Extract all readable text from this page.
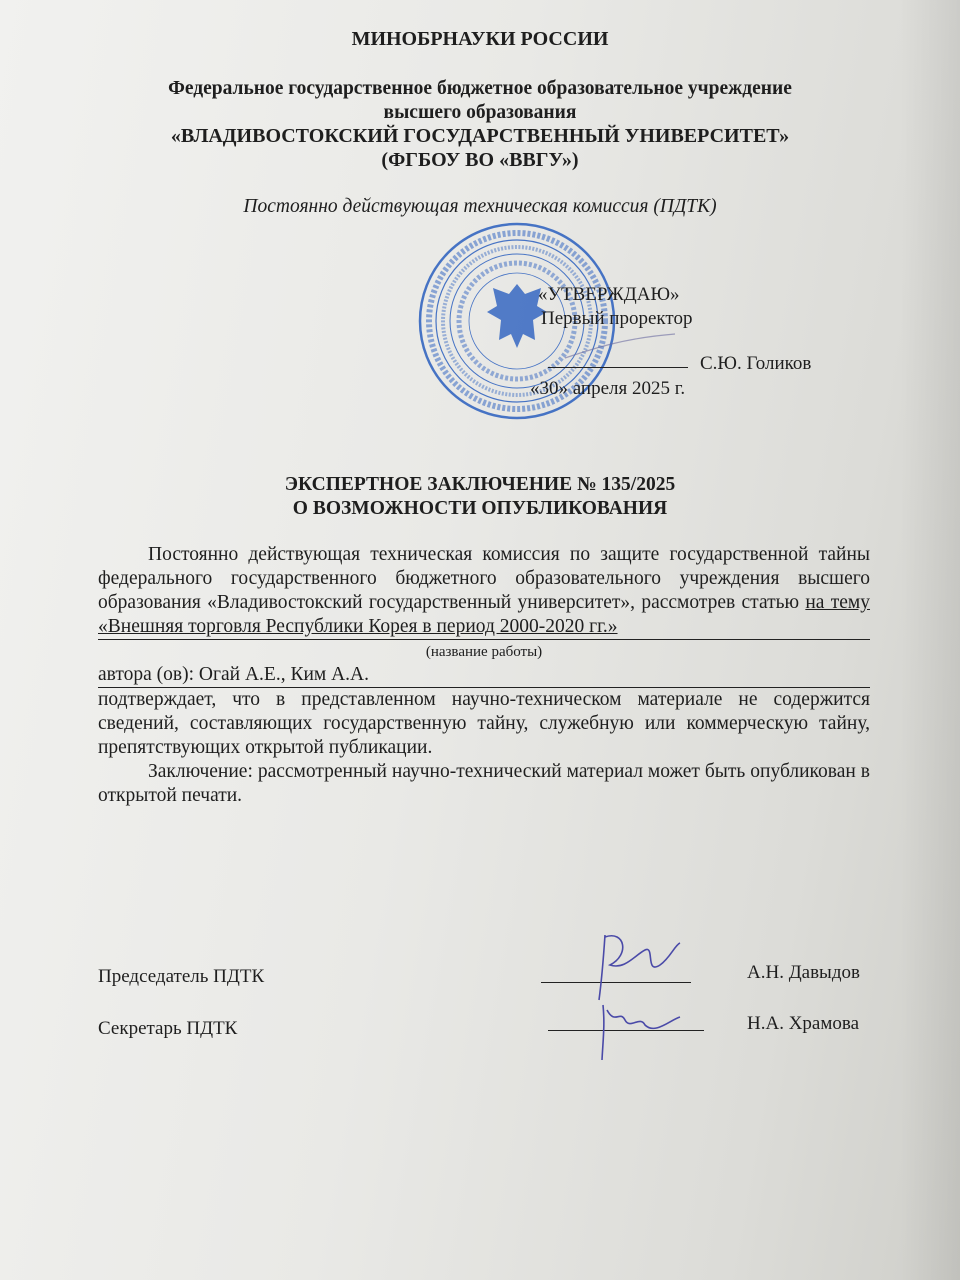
МИНОБРНАУКИ РОССИИ
Федеральное государственное бюджетное образовательное учреждение
высшего образования
«ВЛАДИВОСТОКСКИЙ ГОСУДАРСТВЕННЫЙ УНИВЕРСИТЕТ»
(ФГБОУ ВО «ВВГУ»)
Постоянно действующая техническая комиссия (ПДТК)
«УТВЕРЖДАЮ»
Первый проректор
С.Ю. Голиков
«30» апреля 2025 г.
ЭКСПЕРТНОЕ ЗАКЛЮЧЕНИЕ № 135/2025
О ВОЗМОЖНОСТИ ОПУБЛИКОВАНИЯ

Постоянно действующая техническая комиссия по защите государственной тайны федерального государственного бюджетного образовательного учреждения высшего образования «Владивостокский государственный университет», рассмотрев статью на тему «Внешняя торговля Республики Корея в период 2000-2020 гг.»

(название работы)
автора (ов): Огай А.Е., Ким А.А.

подтверждает, что в представленном научно-техническом материале не содержится сведений, составляющих государственную тайну, служебную или коммерческую тайну, препятствующих открытой публикации.

Заключение: рассмотренный научно-технический материал может быть опубликован в открытой печати.

Председатель ПДТК	А.Н. Давыдов
Секретарь ПДТК	Н.А. Храмова
